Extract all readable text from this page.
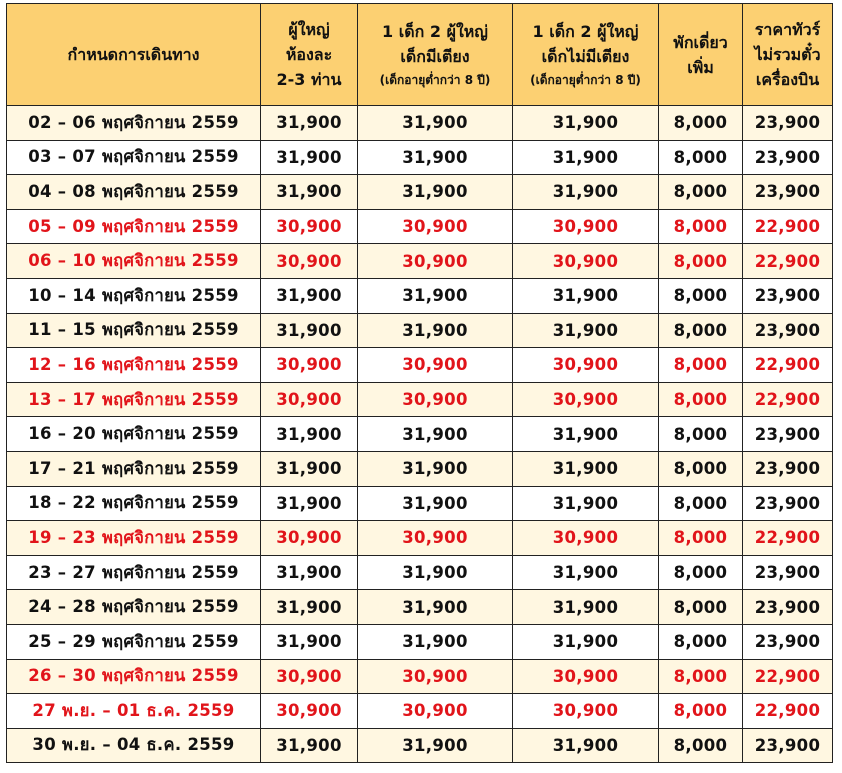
กำหนดการเดินทาง	ผู้ใหญ่
ห้องละ
2-3 ท่าน	1 เด็ก 2 ผู้ใหญ่
เด็กมีเตียง
(เด็กอายุต่ำกว่า 8 ปี)	1 เด็ก 2 ผู้ใหญ่
เด็กไม่มีเตียง
(เด็กอายุต่ำกว่า 8 ปี)	พักเดี่ยว
เพิ่ม	ราคาทัวร์
ไม่รวมตั๋ว
เครื่องบิน

02 – 06 พฤศจิกายน 2559	31,900	31,900	31,900	8,000	23,900
03 – 07 พฤศจิกายน 2559	31,900	31,900	31,900	8,000	23,900
04 – 08 พฤศจิกายน 2559	31,900	31,900	31,900	8,000	23,900
05 – 09 พฤศจิกายน 2559	30,900	30,900	30,900	8,000	22,900
06 – 10 พฤศจิกายน 2559	30,900	30,900	30,900	8,000	22,900
10 – 14 พฤศจิกายน 2559	31,900	31,900	31,900	8,000	23,900
11 – 15 พฤศจิกายน 2559	31,900	31,900	31,900	8,000	23,900
12 – 16 พฤศจิกายน 2559	30,900	30,900	30,900	8,000	22,900
13 – 17 พฤศจิกายน 2559	30,900	30,900	30,900	8,000	22,900
16 – 20 พฤศจิกายน 2559	31,900	31,900	31,900	8,000	23,900
17 – 21 พฤศจิกายน 2559	31,900	31,900	31,900	8,000	23,900
18 – 22 พฤศจิกายน 2559	31,900	31,900	31,900	8,000	23,900
19 – 23 พฤศจิกายน 2559	30,900	30,900	30,900	8,000	22,900
23 – 27 พฤศจิกายน 2559	31,900	31,900	31,900	8,000	23,900
24 – 28 พฤศจิกายน 2559	31,900	31,900	31,900	8,000	23,900
25 – 29 พฤศจิกายน 2559	31,900	31,900	31,900	8,000	23,900
26 – 30 พฤศจิกายน 2559	30,900	30,900	30,900	8,000	22,900
27 พ.ย. – 01 ธ.ค. 2559	30,900	30,900	30,900	8,000	22,900
30 พ.ย. – 04 ธ.ค. 2559	31,900	31,900	31,900	8,000	23,900
